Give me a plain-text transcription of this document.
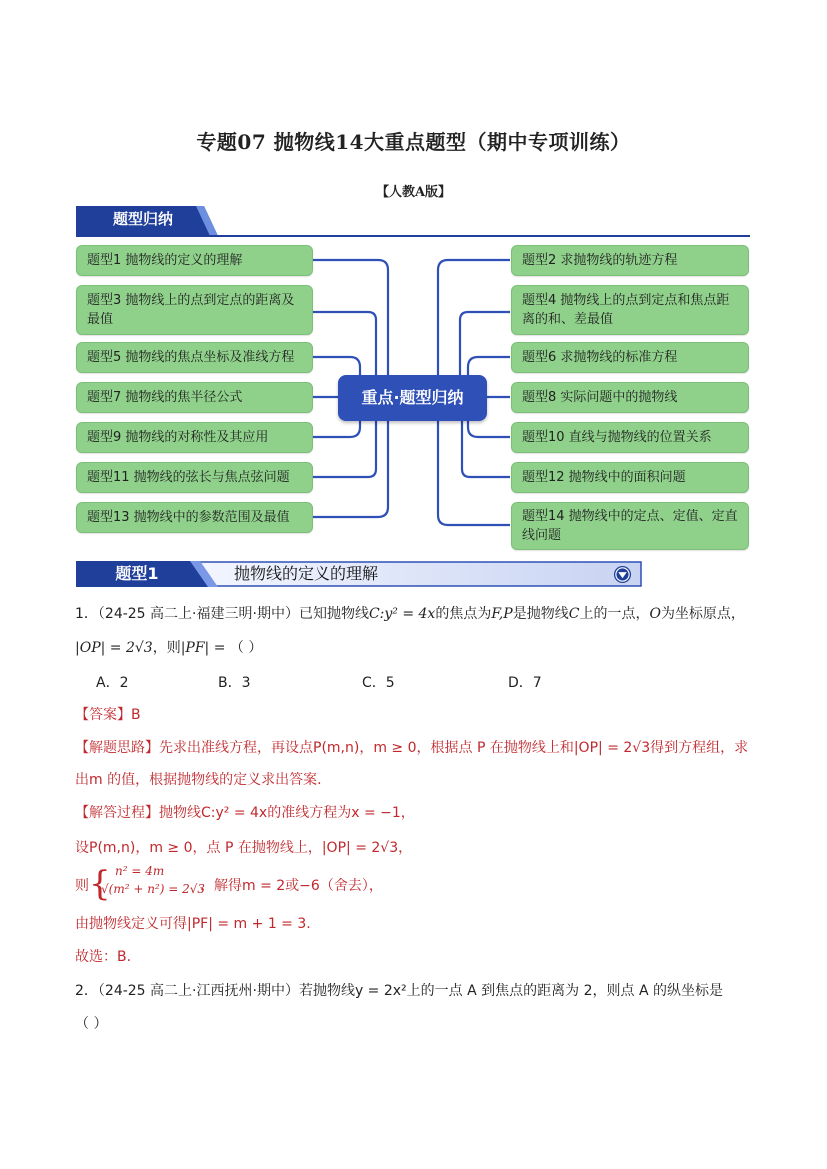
专题07 抛物线14大重点题型（期中专项训练）
【人教A版】
题型归纳
题型1 抛物线的定义的理解
题型3 抛物线上的点到定点的距离及最值
题型5 抛物线的焦点坐标及准线方程
题型7 抛物线的焦半径公式
题型9 抛物线的对称性及其应用
题型11 抛物线的弦长与焦点弦问题
题型13 抛物线中的参数范围及最值
题型2 求抛物线的轨迹方程
题型4 抛物线上的点到定点和焦点距离的和、差最值
题型6 求抛物线的标准方程
题型8 实际问题中的抛物线
题型10 直线与抛物线的位置关系
题型12 抛物线中的面积问题
题型14 抛物线中的定点、定值、定直线问题
重点·题型归纳
题型1	抛物线的定义的理解
1．（24-25 高二上·福建三明·期中）已知抛物线C:y² = 4x的焦点为F,P是抛物线C上的一点，O为坐标原点，
|OP| = 2√3，则|PF| = （ ）
A．2	B．3	C．5	D．7
【答案】B
【解题思路】先求出准线方程，再设点P(m,n)，m ≥ 0，根据点 P 在抛物线上和|OP| = 2√3得到方程组，求
出m 的值，根据抛物线的定义求出答案.
【解答过程】抛物线C:y² = 4x的准线方程为x = −1，
设P(m,n)，m ≥ 0，点 P 在抛物线上，|OP| = 2√3，
则 { n² = 4m
√(m² + n²) = 2√3
，解得m = 2或−6（舍去），
由抛物线定义可得|PF| = m + 1 = 3.
故选：B.
2．（24-25 高二上·江西抚州·期中）若抛物线y = 2x²上的一点 A 到焦点的距离为 2，则点 A 的纵坐标是
（ ）
